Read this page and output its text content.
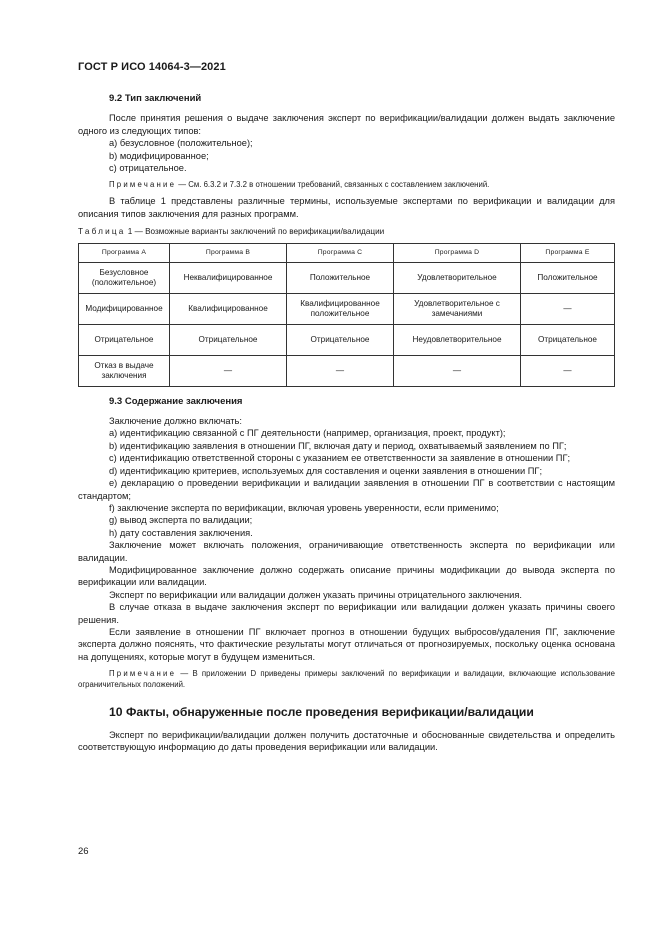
ГОСТ Р ИСО 14064-3—2021
9.2 Тип заключений

После принятия решения о выдаче заключения эксперт по верификации/валидации должен выдать заключение одного из следующих типов:

a) безусловное (положительное);
b) модифицированное;
c) отрицательное.

Примечание — См. 6.3.2 и 7.3.2 в отношении требований, связанных с составлением заключений.

В таблице 1 представлены различные термины, используемые экспертами по верификации и валидации для описания типов заключения для разных программ.

Таблица 1 — Возможные варианты заключений по верификации/валидации
Программа A	Программа B	Программа C	Программа D	Программа E
Безусловное (положительное)	Неквалифицированное	Положительное	Удовлетворительное	Положительное
Модифицированное	Квалифицированное	Квалифицированное положительное	Удовлетворительное с замечаниями	—
Отрицательное	Отрицательное	Отрицательное	Неудовлетворительное	Отрицательное
Отказ в выдаче заключения	—	—	—	—
9.3 Содержание заключения

Заключение должно включать:

a) идентификацию связанной с ПГ деятельности (например, организация, проект, продукт);

b) идентификацию заявления в отношении ПГ, включая дату и период, охватываемый заявлением по ПГ;

c) идентификацию ответственной стороны с указанием ее ответственности за заявление в отношении ПГ;

d) идентификацию критериев, используемых для составления и оценки заявления в отношении ПГ;

e) декларацию о проведении верификации и валидации заявления в отношении ПГ в соответствии с настоящим стандартом;

f) заключение эксперта по верификации, включая уровень уверенности, если применимо;

g) вывод эксперта по валидации;

h) дату составления заключения.

Заключение может включать положения, ограничивающие ответственность эксперта по верификации или валидации.

Модифицированное заключение должно содержать описание причины модификации до вывода эксперта по верификации или валидации.

Эксперт по верификации или валидации должен указать причины отрицательного заключения.

В случае отказа в выдаче заключения эксперт по верификации или валидации должен указать причины своего решения.

Если заявление в отношении ПГ включает прогноз в отношении будущих выбросов/удаления ПГ, заключение эксперта должно пояснять, что фактические результаты могут отличаться от прогнозируемых, поскольку оценка основана на допущениях, которые могут в будущем измениться.

Примечание — В приложении D приведены примеры заключений по верификации и валидации, включающие использование ограничительных положений.

10 Факты, обнаруженные после проведения верификации/валидации

Эксперт по верификации/валидации должен получить достаточные и обоснованные свидетельства и определить соответствующую информацию до даты проведения верификации или валидации.

26
